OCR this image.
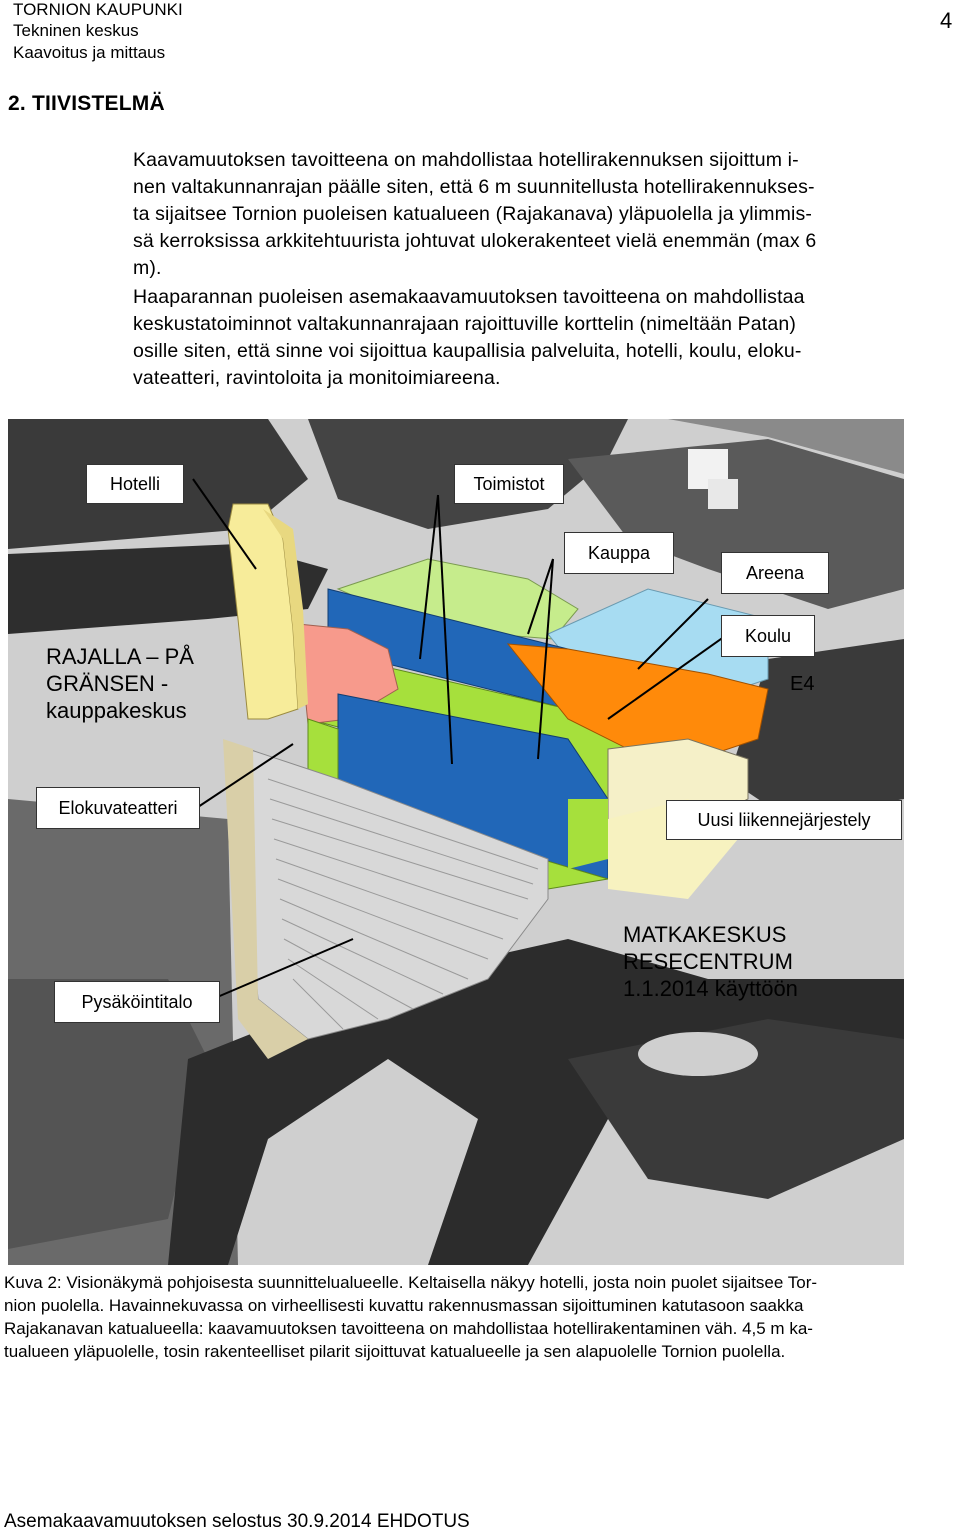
TORNION KAUPUNKI
Tekninen keskus
Kaavoitus ja mittaus
4
2. TIIVISTELMÄ

Kaavamuutoksen tavoitteena on mahdollistaa hotellirakennuksen sijoittum i-

nen valtakunnanrajan päälle siten, että 6 m suunnitellusta hotellirakennukses-

ta sijaitsee Tornion puoleisen katualueen (Rajakanava) yläpuolella ja ylimmis-

sä kerroksissa arkkitehtuurista johtuvat ulokerakenteet vielä enemmän (max 6

m).

Haaparannan puoleisen asemakaavamuutoksen tavoitteena on mahdollistaa

keskustatoiminnot valtakunnanrajaan rajoittuville korttelin (nimeltään Patan)

osille siten, että sinne voi sijoittua kaupallisia palveluita, hotelli, koulu, eloku-

vateatteri, ravintoloita ja monitoimiareena.

Hotelli	Toimistot
Kauppa
Areena
Koulu
E4
RAJALLA – PÅ
GRÄNSEN -
kauppakeskus
Elokuvateatteri
Uusi liikennejärjestely
Pysäköintitalo
MATKAKESKUS
RESECENTRUM
1.1.2014 käyttöön

Kuva 2: Visionäkymä pohjoisesta suunnittelualueelle. Keltaisella näkyy hotelli, josta noin puolet sijaitsee Tor-

nion puolella. Havainnekuvassa on virheellisesti kuvattu rakennusmassan sijoittuminen katutasoon saakka

Rajakanavan katualueella: kaavamuutoksen tavoitteena on mahdollistaa hotellirakentaminen väh. 4,5 m ka-

tualueen yläpuolelle, tosin rakenteelliset pilarit sijoittuvat katualueelle ja sen alapuolelle Tornion puolella.

Asemakaavamuutoksen selostus 30.9.2014 EHDOTUS
